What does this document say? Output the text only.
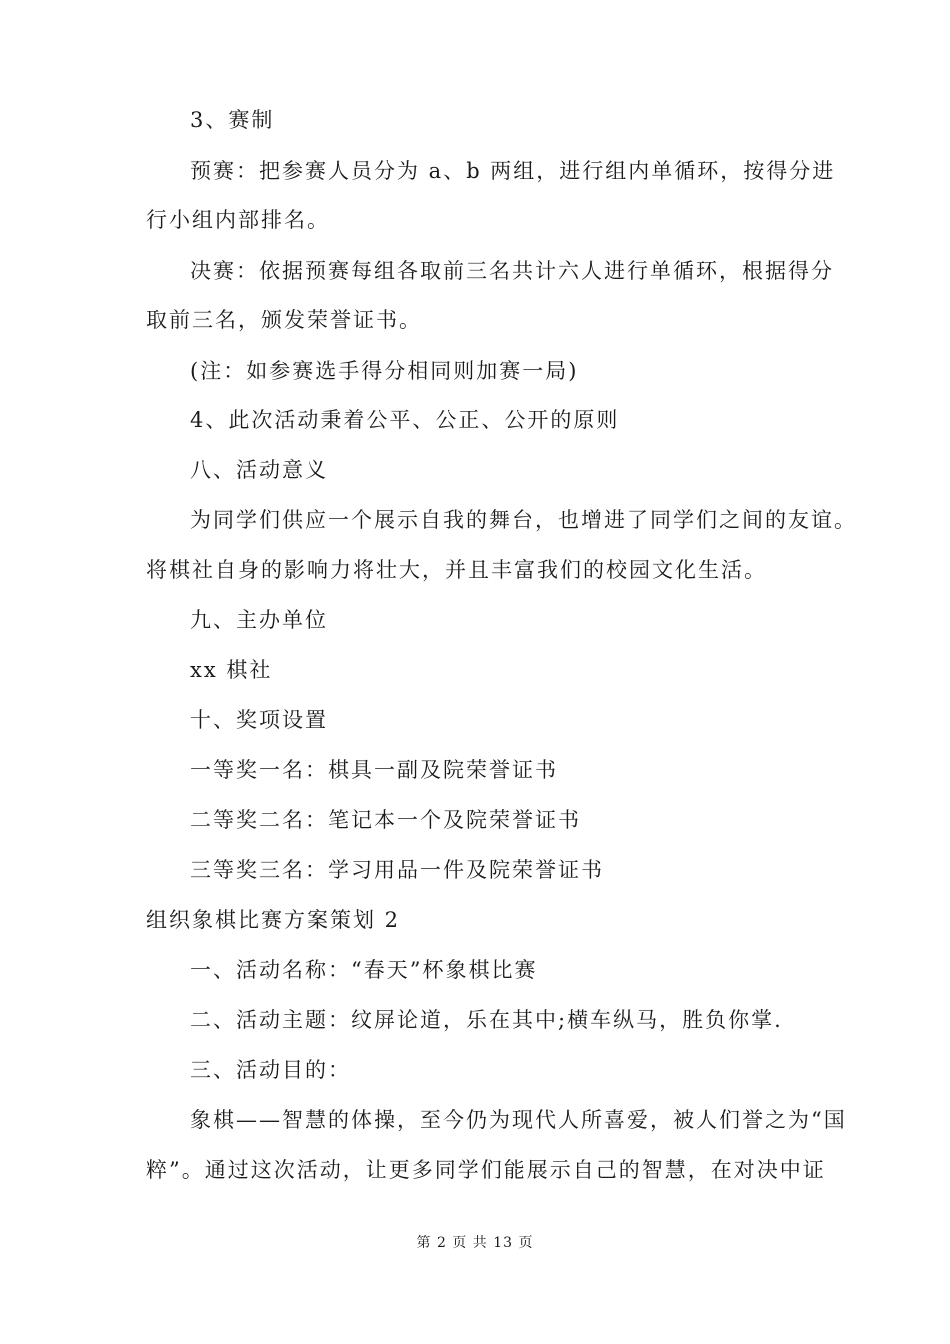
3、赛制
预赛：把参赛人员分为 a、b 两组，进行组内单循环，按得分进
行小组内部排名。
决赛：依据预赛每组各取前三名共计六人进行单循环，根据得分
取前三名，颁发荣誉证书。
(注：如参赛选手得分相同则加赛一局)
4、此次活动秉着公平、公正、公开的原则
八、活动意义
为同学们供应一个展示自我的舞台，也增进了同学们之间的友谊。
将棋社自身的影响力将壮大，并且丰富我们的校园文化生活。
九、主办单位
xx 棋社
十、奖项设置
一等奖一名：棋具一副及院荣誉证书
二等奖二名：笔记本一个及院荣誉证书
三等奖三名：学习用品一件及院荣誉证书
组织象棋比赛方案策划 2
一、活动名称：“春天”杯象棋比赛
二、活动主题：纹屏论道，乐在其中;横车纵马，胜负你掌.
三、活动目的：
象棋——智慧的体操，至今仍为现代人所喜爱，被人们誉之为“国
粹”。通过这次活动，让更多同学们能展示自己的智慧，在对决中证
第 2 页 共 13 页
